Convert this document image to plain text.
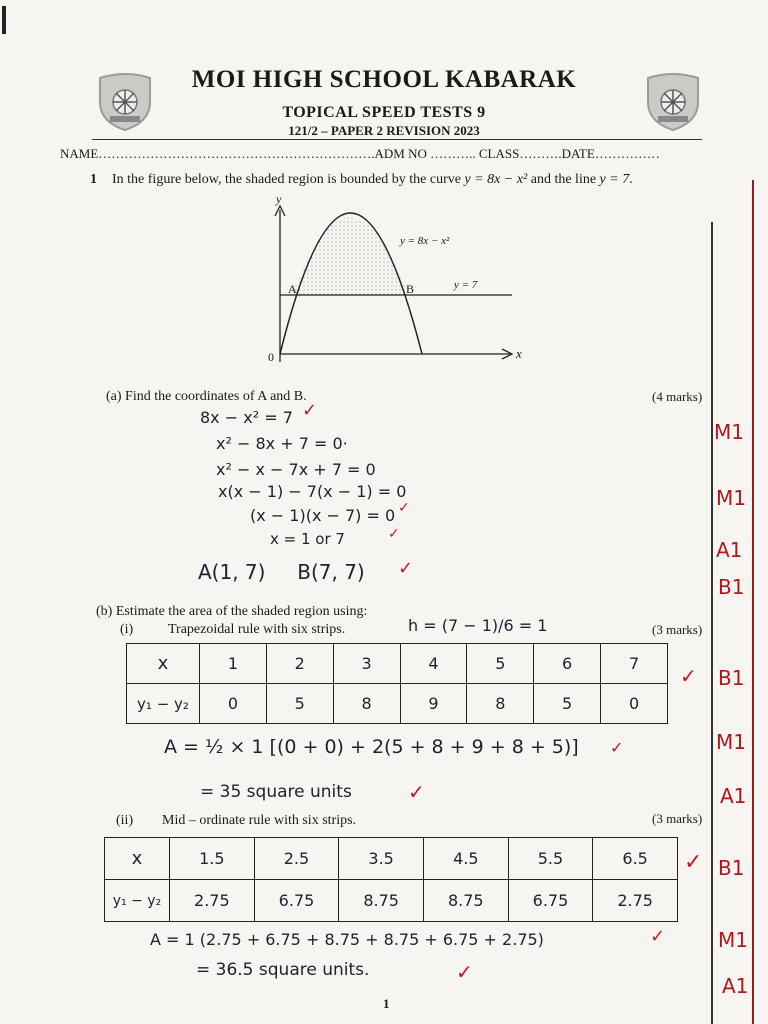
MOI HIGH SCHOOL KABARAK
TOPICAL SPEED TESTS 9
121/2 – PAPER 2 REVISION 2023
NAME……………………………………………………….ADM NO ……….. CLASS……….DATE……………
1 In the figure below, the shaded region is bounded by the curve y = 8x − x² and the line y = 7.
y
x
0
A	B
y = 8x − x²
y = 7
(a) Find the coordinates of A and B.	(4 marks)
8x − x² = 7
x² − 8x + 7 = 0·
x² − x − 7x + 7 = 0
x(x − 1) − 7(x − 1) = 0
(x − 1)(x − 7) = 0
x = 1 or 7
A(1, 7)     B(7, 7)
✓
✓
✓
✓
M1
M1
A1
B1
(b) Estimate the area of the shaded region using:
(i) Trapezoidal rule with six strips.	h = (7 − 1)/6 = 1	(3 marks)
x	1	2	3	4	5	6	7
y₁ − y₂	0	5	8	9	8	5	0
✓ B1
A = ½ × 1 [(0 + 0) + 2(5 + 8 + 9 + 8 + 5)] ✓	M1
= 35 square units	✓	A1
(ii) Mid – ordinate rule with six strips.	(3 marks)
x	1.5	2.5	3.5	4.5	5.5	6.5
y₁ − y₂	2.75	6.75	8.75	8.75	6.75	2.75
✓ B1
A = 1 (2.75 + 6.75 + 8.75 + 8.75 + 6.75 + 2.75)	✓	M1
= 36.5 square units.	✓
A1
1
